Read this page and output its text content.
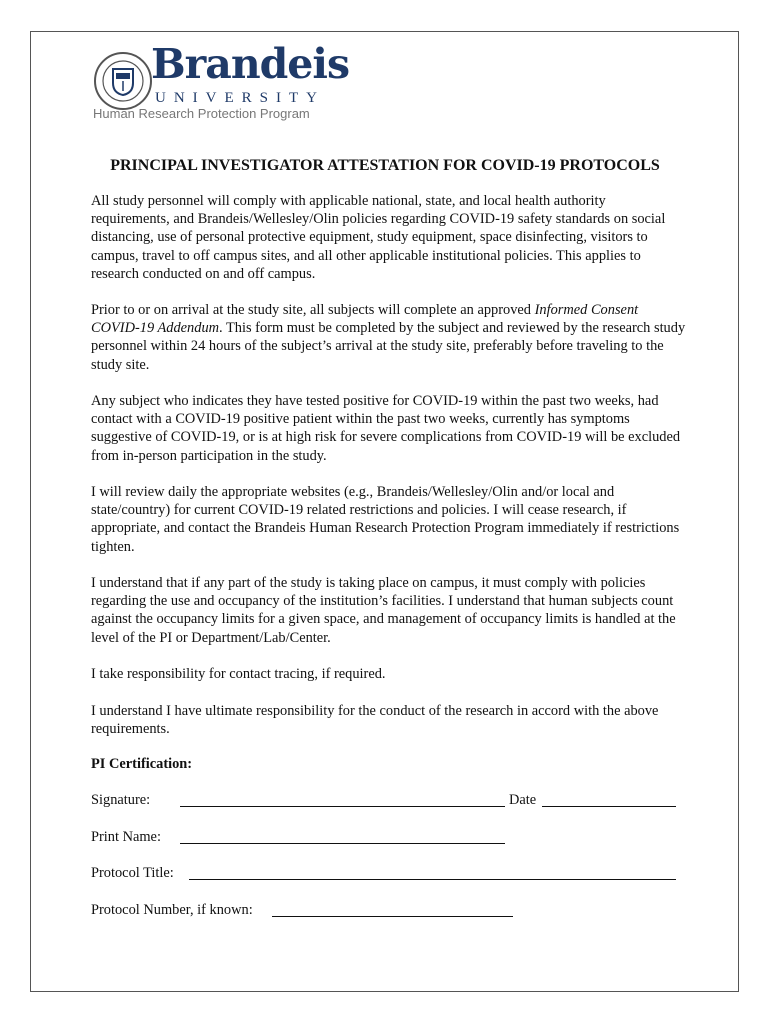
Brandeis
UNIVERSITY
Human Research Protection Program
PRINCIPAL INVESTIGATOR ATTESTATION FOR COVID-19 PROTOCOLS
All study personnel will comply with applicable national, state, and local health authority requirements, and Brandeis/Wellesley/Olin policies regarding COVID-19 safety standards on social distancing, use of personal protective equipment, study equipment, space disinfecting, visitors to campus, travel to off campus sites, and all other applicable institutional policies. This applies to research conducted on and off campus.
Prior to or on arrival at the study site, all subjects will complete an approved Informed Consent COVID-19 Addendum. This form must be completed by the subject and reviewed by the research study personnel within 24 hours of the subject’s arrival at the study site, preferably before traveling to the study site.
Any subject who indicates they have tested positive for COVID-19 within the past two weeks, had contact with a COVID-19 positive patient within the past two weeks, currently has symptoms suggestive of COVID-19, or is at high risk for severe complications from COVID-19 will be excluded from in-person participation in the study.
I will review daily the appropriate websites (e.g., Brandeis/Wellesley/Olin and/or local and state/country) for current COVID-19 related restrictions and policies. I will cease research, if appropriate, and contact the Brandeis Human Research Protection Program immediately if restrictions tighten.
I understand that if any part of the study is taking place on campus, it must comply with policies regarding the use and occupancy of the institution’s facilities. I understand that human subjects count against the occupancy limits for a given space, and management of occupancy limits is handled at the level of the PI or Department/Lab/Center.
I take responsibility for contact tracing, if required.
I understand I have ultimate responsibility for the conduct of the research in accord with the above requirements.
PI Certification:
Signature:	Date
Print Name:
Protocol Title:
Protocol Number, if known:
